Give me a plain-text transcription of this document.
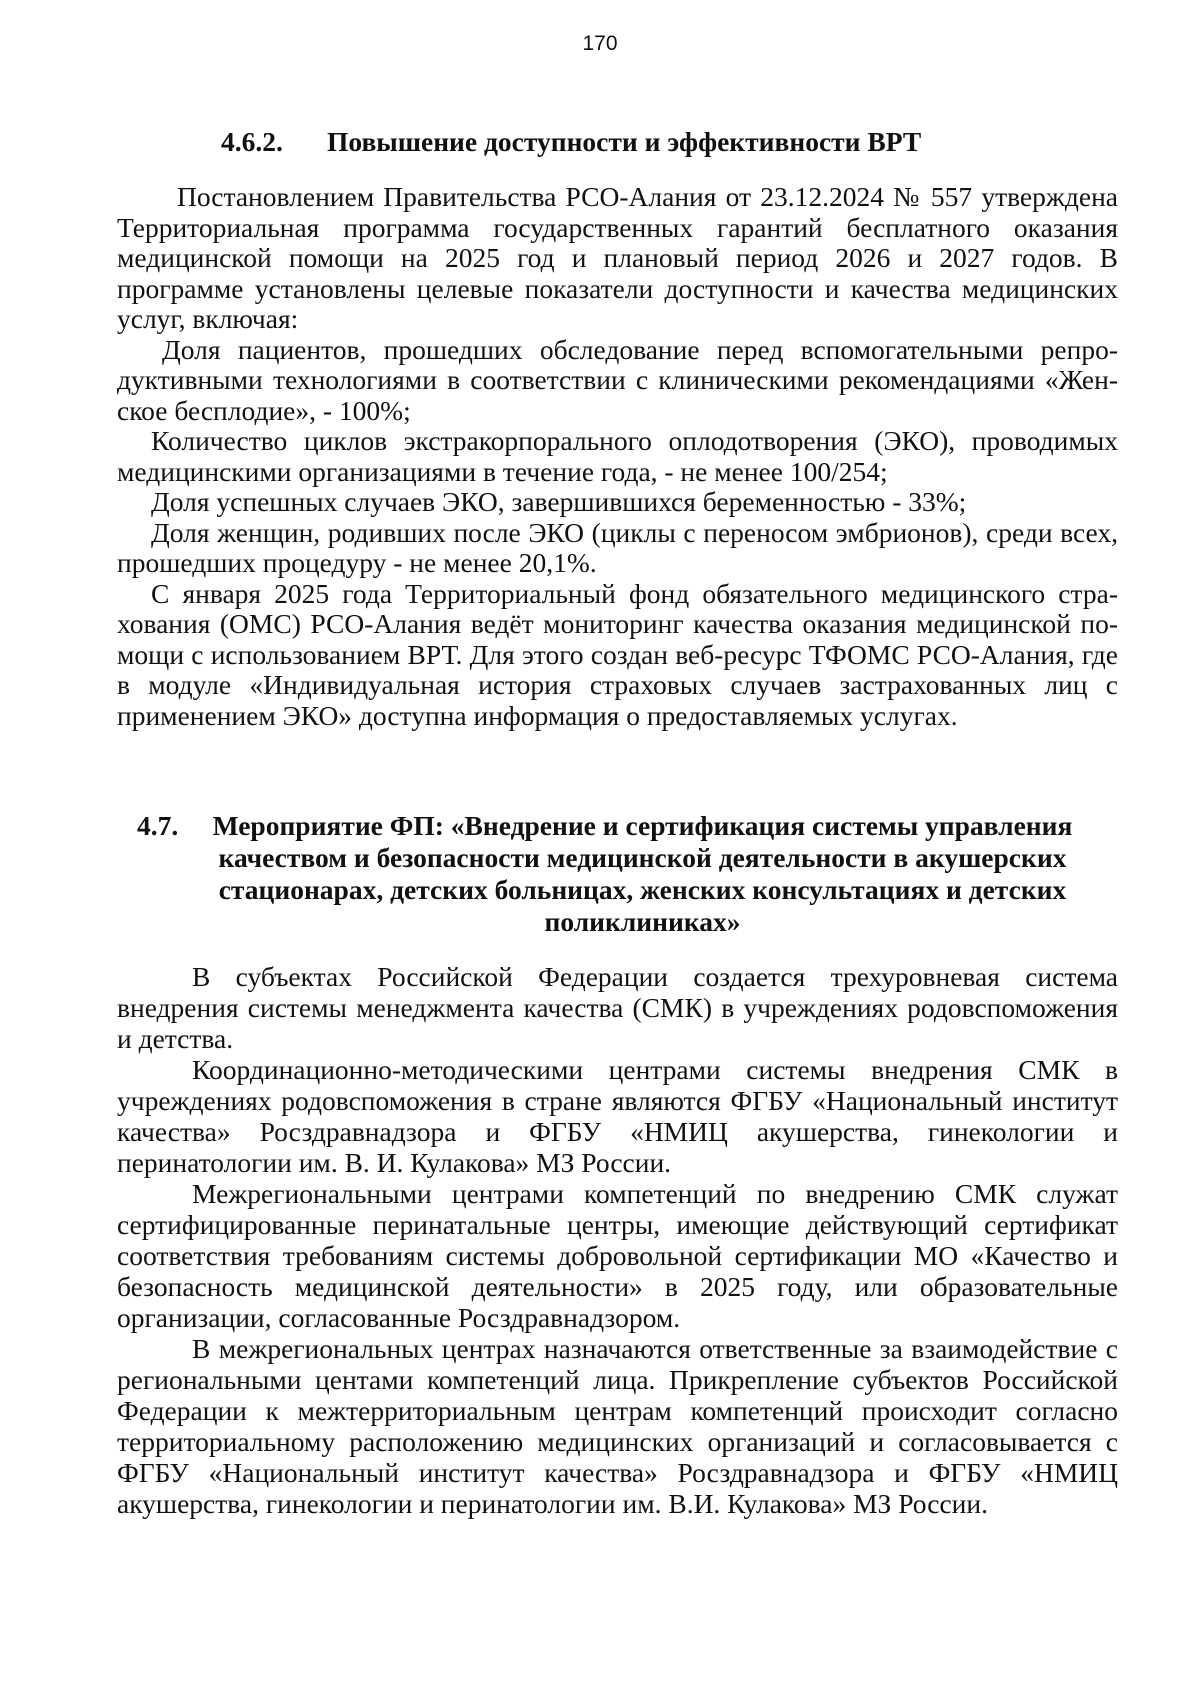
170
4.6.2. Повышение доступности и эффективности ВРТ

Постановлением Правительства РСО-Алания от 23.12.2024 № 557 утверждена Территориальная программа государственных гарантий бесплатного оказания медицинской помощи на 2025 год и плановый период 2026 и 2027 годов. В программе установлены целевые показатели доступности и качества медицинских услуг, включая:

Доля пациентов, прошедших обследование перед вспомогательными репродуктивными технологиями в соответствии с клиническими рекомендациями «Женское бесплодие», - 100%;

Количество циклов экстракорпорального оплодотворения (ЭКО), проводимых медицинскими организациями в течение года, - не менее 100/254;

Доля успешных случаев ЭКО, завершившихся беременностью - 33%;

Доля женщин, родивших после ЭКО (циклы с переносом эмбрионов), среди всех, прошедших процедуру - не менее 20,1%.

С января 2025 года Территориальный фонд обязательного медицинского страхования (ОМС) РСО-Алания ведёт мониторинг качества оказания медицинской помощи с использованием ВРТ. Для этого создан веб-ресурс ТФОМС РСО-Алания, где в модуле «Индивидуальная история страховых случаев застрахованных лиц с применением ЭКО» доступна информация о предоставляемых услугах.

4.7. Мероприятие ФП: «Внедрение и сертификация системы управления качеством и безопасности медицинской деятельности в акушерских стационарах, детских больницах, женских консультациях и детских поликлиниках»

В субъектах Российской Федерации создается трехуровневая система внедрения системы менеджмента качества (СМК) в учреждениях родовспоможения и детства.

Координационно-методическими центрами системы внедрения СМК в учреждениях родовспоможения в стране являются ФГБУ «Национальный институт качества» Росздравнадзора и ФГБУ «НМИЦ акушерства, гинекологии и перинатологии им. В. И. Кулакова» МЗ России.

Межрегиональными центрами компетенций по внедрению СМК служат сертифицированные перинатальные центры, имеющие действующий сертификат соответствия требованиям системы добровольной сертификации МО «Качество и безопасность медицинской деятельности» в 2025 году, или образовательные организации, согласованные Росздравнадзором.

В межрегиональных центрах назначаются ответственные за взаимодействие с региональными центами компетенций лица. Прикрепление субъектов Российской Федерации к межтерриториальным центрам компетенций происходит согласно территориальному расположению медицинских организаций и согласовывается с ФГБУ «Национальный институт качества» Росздравнадзора и ФГБУ «НМИЦ акушерства, гинекологии и перинатологии им. В.И. Кулакова» МЗ России.
